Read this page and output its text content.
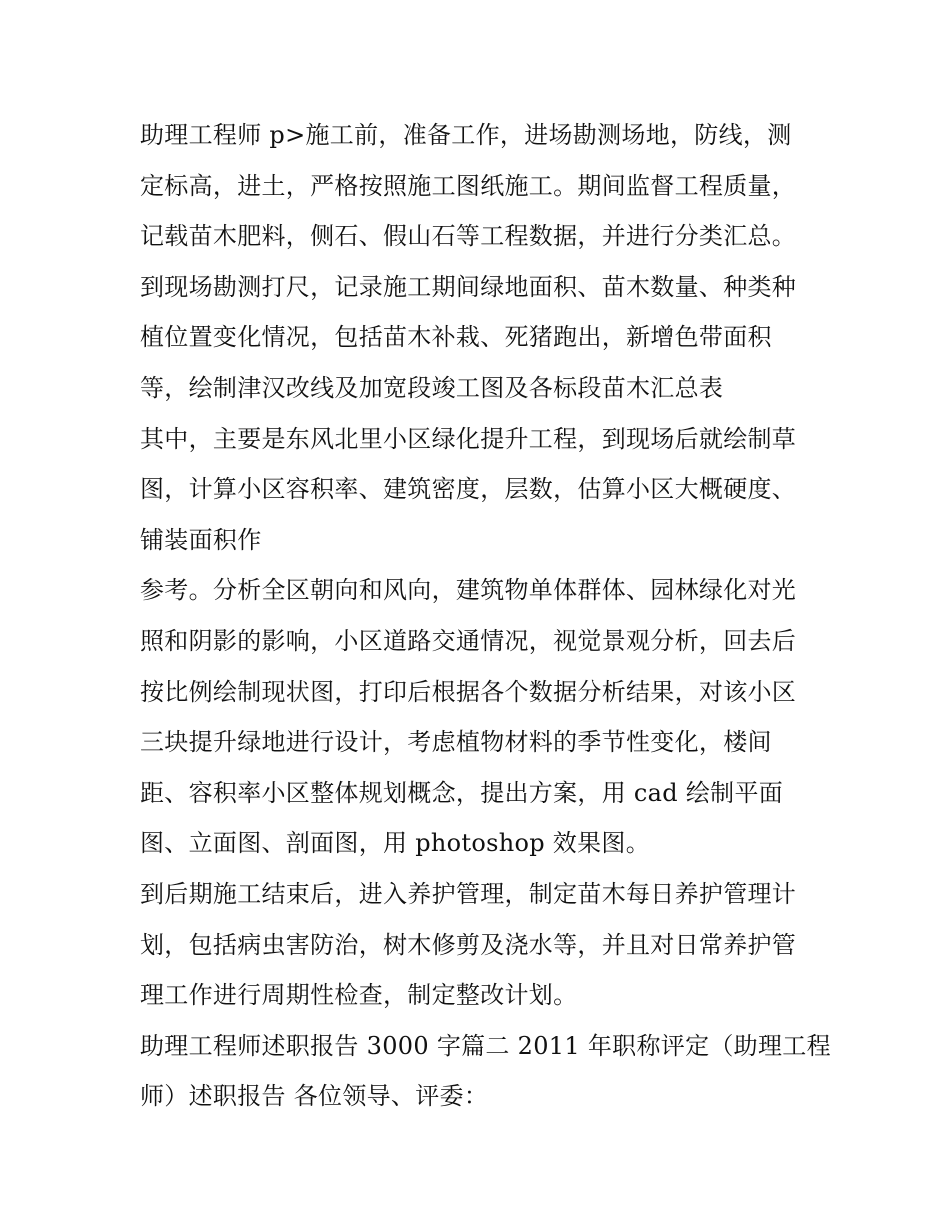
助理工程师 p>施工前，准备工作，进场勘测场地，防线，测
定标高，进土，严格按照施工图纸施工。期间监督工程质量，
记载苗木肥料，侧石、假山石等工程数据，并进行分类汇总。
到现场勘测打尺，记录施工期间绿地面积、苗木数量、种类种
植位置变化情况，包括苗木补栽、死猪跑出，新增色带面积
等，绘制津汉改线及加宽段竣工图及各标段苗木汇总表
其中，主要是东风北里小区绿化提升工程，到现场后就绘制草
图，计算小区容积率、建筑密度，层数，估算小区大概硬度、
铺装面积作
参考。分析全区朝向和风向，建筑物单体群体、园林绿化对光
照和阴影的影响，小区道路交通情况，视觉景观分析，回去后
按比例绘制现状图，打印后根据各个数据分析结果，对该小区
三块提升绿地进行设计，考虑植物材料的季节性变化，楼间
距、容积率小区整体规划概念，提出方案，用 cad 绘制平面
图、立面图、剖面图，用 photoshop 效果图。
到后期施工结束后，进入养护管理，制定苗木每日养护管理计
划，包括病虫害防治，树木修剪及浇水等，并且对日常养护管
理工作进行周期性检查，制定整改计划。
助理工程师述职报告 3000 字篇二 2011 年职称评定（助理工程
师）述职报告 各位领导、评委：
